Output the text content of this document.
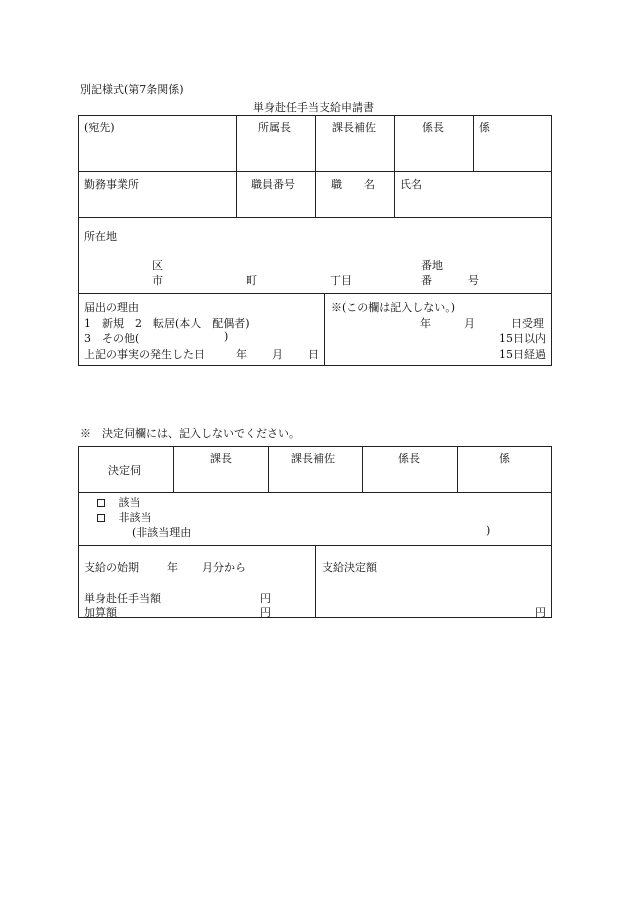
別記様式(第7条関係)
単身赴任手当支給申請書
(宛先)	所属長	課長補佐	係長	係
勤務事業所	職員番号	職　　名 氏名
所在地
区
市	町	丁目
番地
番	号
届出の理由
1　新規　2　転居(本人　配偶者)
3　その他(	)
上記の事実の発生した日	年 月 日
※(この欄は記入しない。)
年	月	日受理
15日以内
15日経過
※　決定伺欄には、記入しないでください。
決定伺
課長	課長補佐	係長	係
該当
非該当
(非該当理由	)
支給の始期	年 月分から
単身赴任手当額	円
加算額	円
支給決定額
円
